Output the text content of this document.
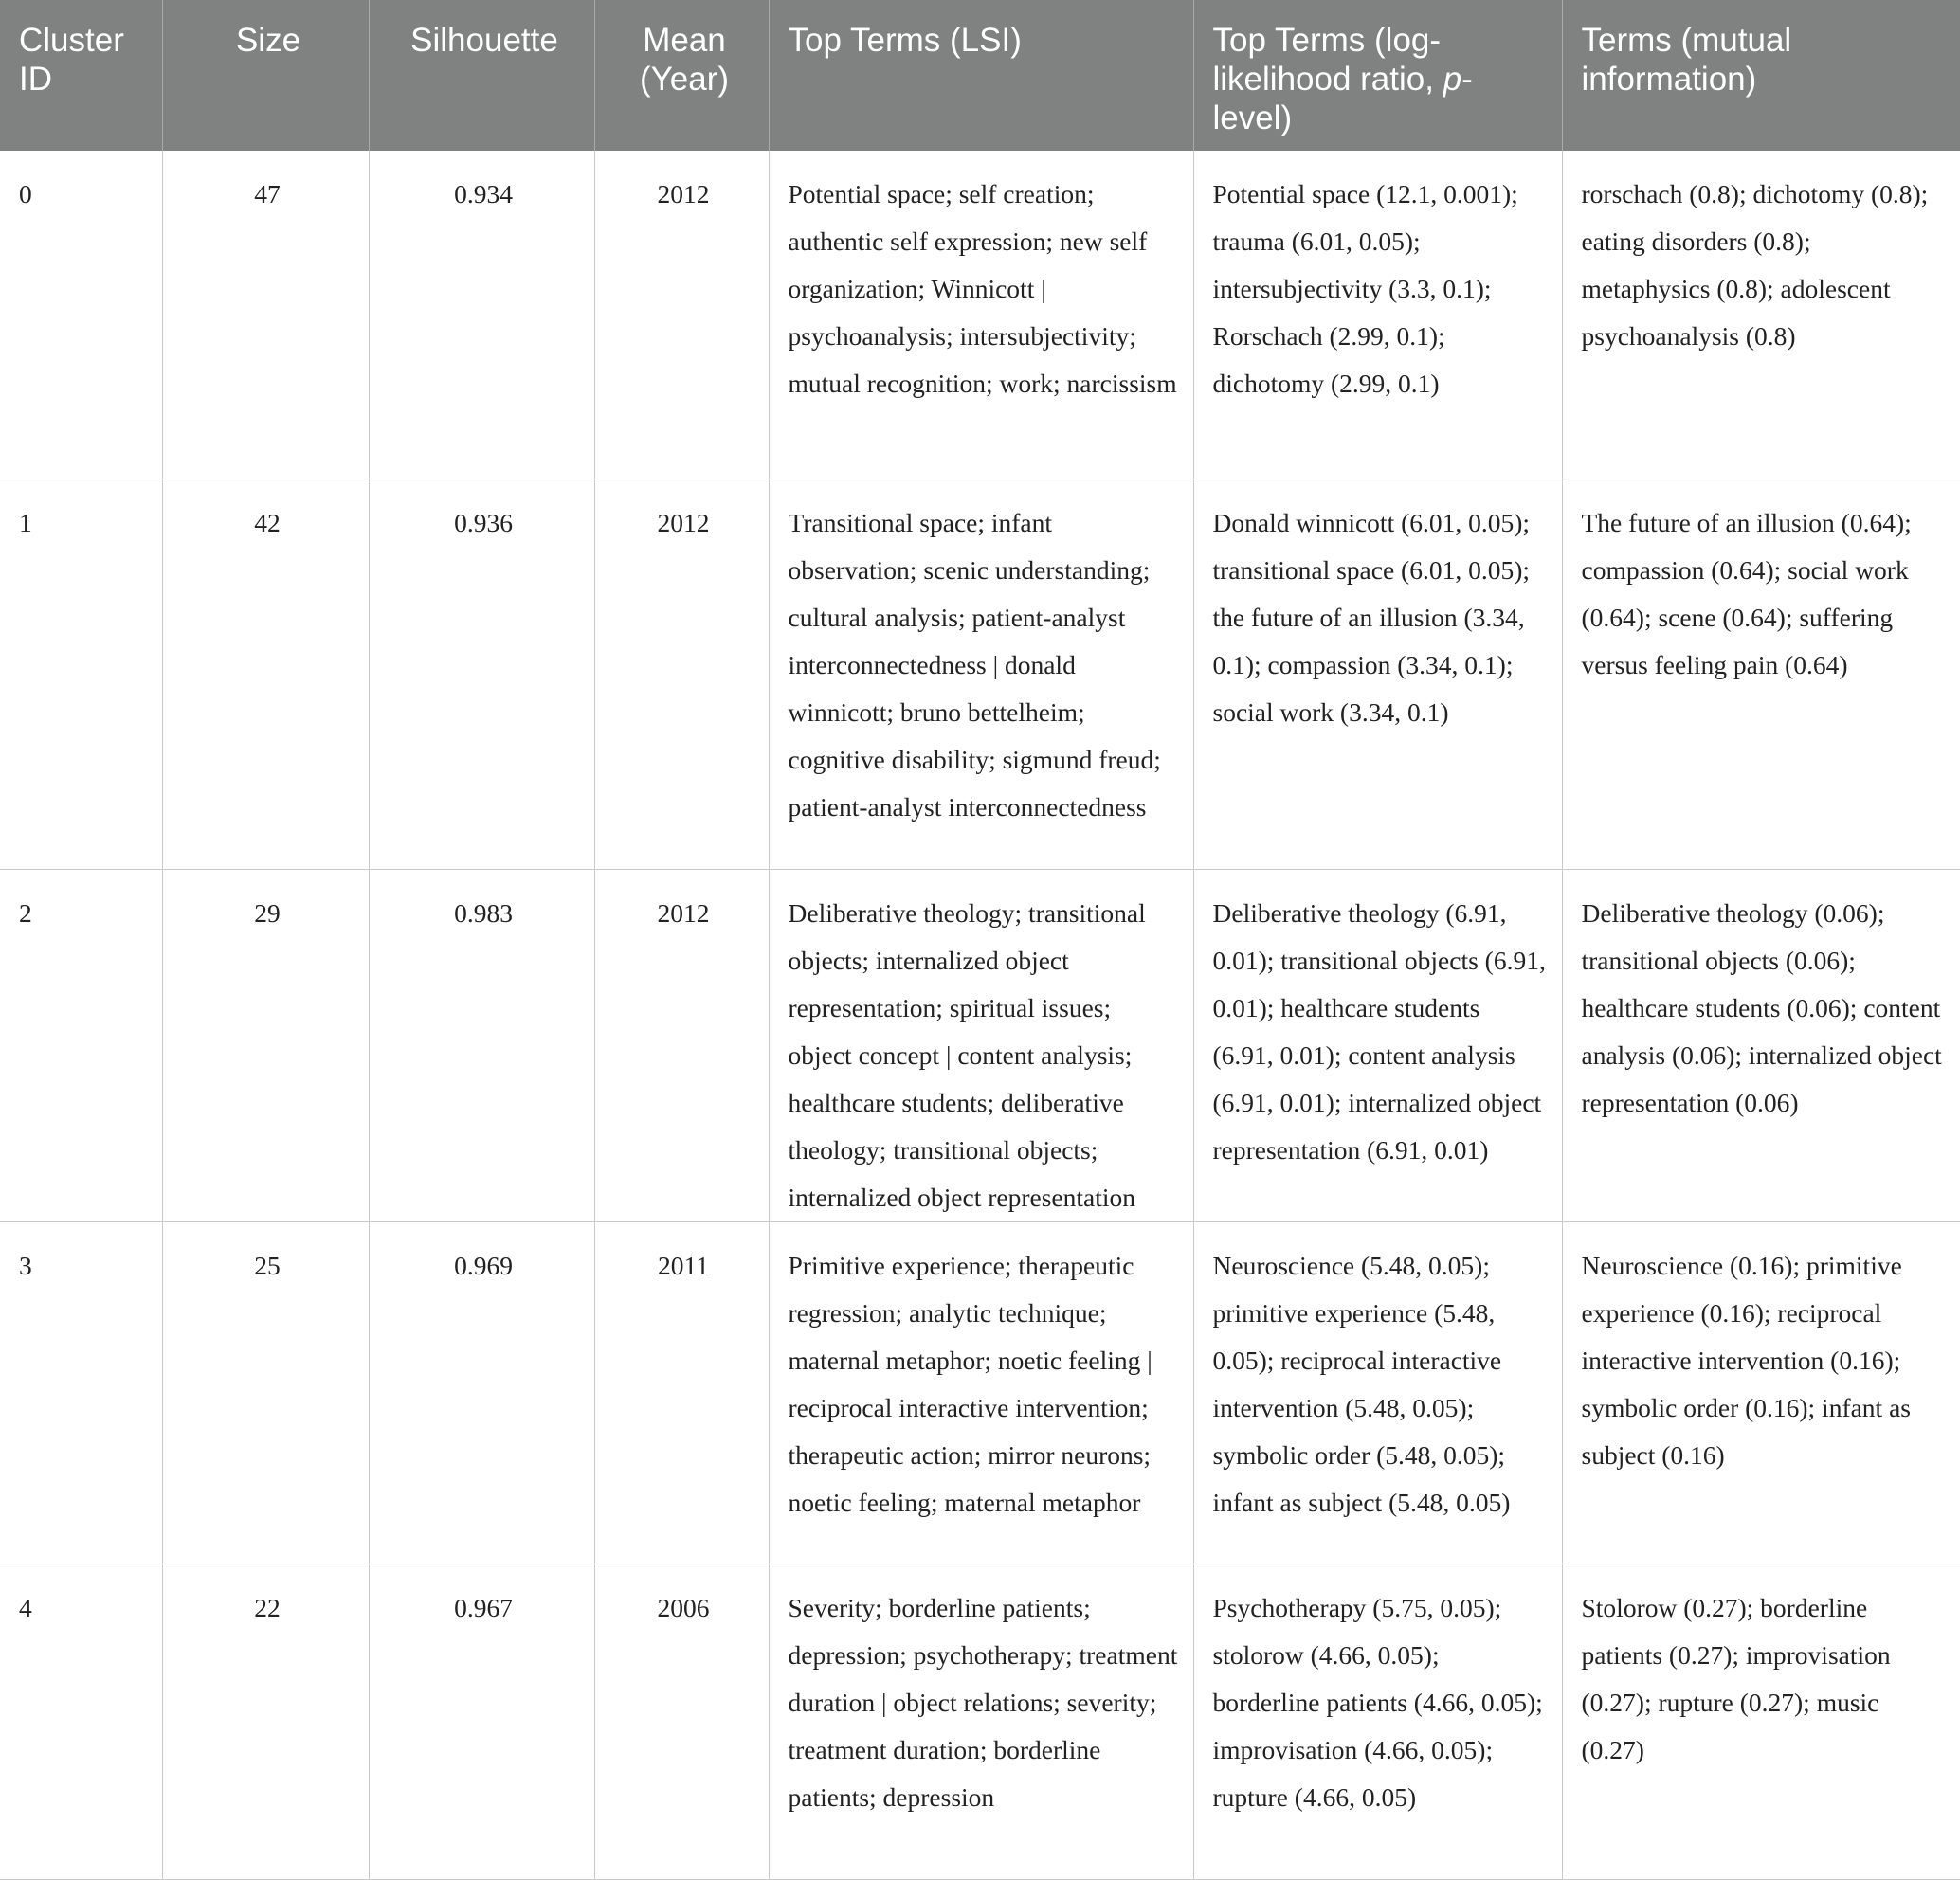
Cluster ID	Size	Silhouette	Mean (Year)	Top Terms (LSI)	Top Terms (log-likelihood ratio, p-level)	Terms (mutual information)
0	47	0.934	2012	Potential space; self creation; authentic self expression; new self organization; Winnicott | psychoanalysis; intersubjectivity; mutual recognition; work; narcissism	Potential space (12.1, 0.001); trauma (6.01, 0.05); intersubjectivity (3.3, 0.1); Rorschach (2.99, 0.1); dichotomy (2.99, 0.1)	rorschach (0.8); dichotomy (0.8); eating disorders (0.8); metaphysics (0.8); adolescent psychoanalysis (0.8)
1	42	0.936	2012	Transitional space; infant observation; scenic understanding; cultural analysis; patient-analyst interconnectedness | donald winnicott; bruno bettelheim; cognitive disability; sigmund freud; patient-analyst interconnectedness	Donald winnicott (6.01, 0.05); transitional space (6.01, 0.05); the future of an illusion (3.34, 0.1); compassion (3.34, 0.1); social work (3.34, 0.1)	The future of an illusion (0.64); compassion (0.64); social work (0.64); scene (0.64); suffering versus feeling pain (0.64)
2	29	0.983	2012	Deliberative theology; transitional objects; internalized object representation; spiritual issues; object concept | content analysis; healthcare students; deliberative theology; transitional objects; internalized object representation	Deliberative theology (6.91, 0.01); transitional objects (6.91, 0.01); healthcare students (6.91, 0.01); content analysis (6.91, 0.01); internalized object representation (6.91, 0.01)	Deliberative theology (0.06); transitional objects (0.06); healthcare students (0.06); content analysis (0.06); internalized object representation (0.06)
3	25	0.969	2011	Primitive experience; therapeutic regression; analytic technique; maternal metaphor; noetic feeling | reciprocal interactive intervention; therapeutic action; mirror neurons; noetic feeling; maternal metaphor	Neuroscience (5.48, 0.05); primitive experience (5.48, 0.05); reciprocal interactive intervention (5.48, 0.05); symbolic order (5.48, 0.05); infant as subject (5.48, 0.05)	Neuroscience (0.16); primitive experience (0.16); reciprocal interactive intervention (0.16); symbolic order (0.16); infant as subject (0.16)
4	22	0.967	2006	Severity; borderline patients; depression; psychotherapy; treatment duration | object relations; severity; treatment duration; borderline patients; depression	Psychotherapy (5.75, 0.05); stolorow (4.66, 0.05); borderline patients (4.66, 0.05); improvisation (4.66, 0.05); rupture (4.66, 0.05)	Stolorow (0.27); borderline patients (0.27); improvisation (0.27); rupture (0.27); music (0.27)
